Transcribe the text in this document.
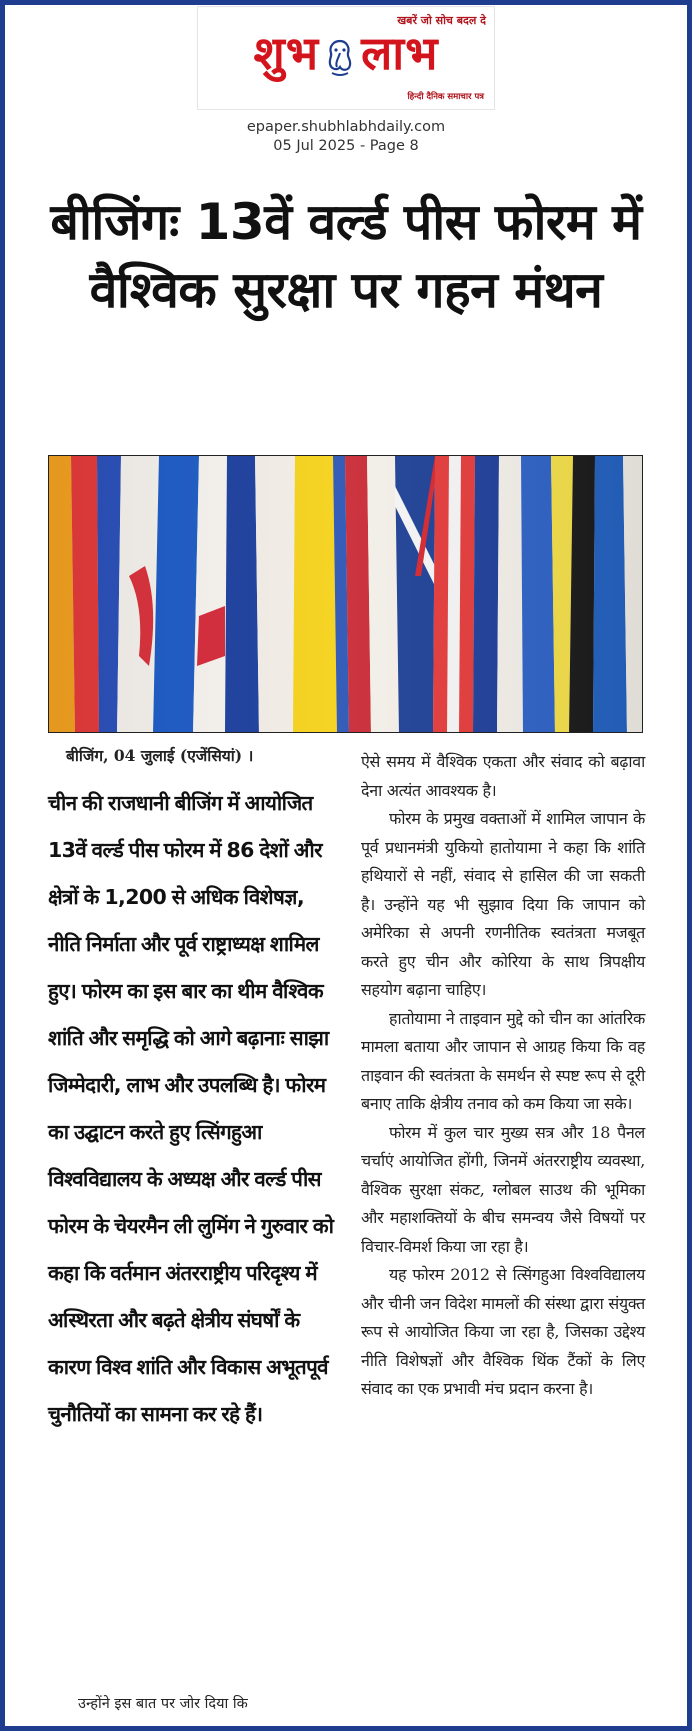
खबरें जो सोच बदल दे
शुभ लाभ
हिन्दी दैनिक समाचार पत्र
epaper.shubhlabhdaily.com
05 Jul 2025 - Page 8
बीजिंगः 13वें वर्ल्ड पीस फोरम में वैश्विक सुरक्षा पर गहन मंथन
बीजिंग, 04 जुलाई (एजेंसियां) ।
चीन की राजधानी बीजिंग में आयोजित 13वें वर्ल्ड पीस फोरम में 86 देशों और क्षेत्रों के 1,200 से अधिक विशेषज्ञ, नीति निर्माता और पूर्व राष्ट्राध्यक्ष शामिल हुए। फोरम का इस बार का थीम वैश्विक शांति और समृद्धि को आगे बढ़ानाः साझा जिम्मेदारी, लाभ और उपलब्धि है। फोरम का उद्घाटन करते हुए त्सिंगहुआ विश्वविद्यालय के अध्यक्ष और वर्ल्ड पीस फोरम के चेयरमैन ली लुमिंग ने गुरुवार को कहा कि वर्तमान अंतरराष्ट्रीय परिदृश्य में अस्थिरता और बढ़ते क्षेत्रीय संघर्षों के कारण विश्व शांति और विकास अभूतपूर्व चुनौतियों का सामना कर रहे हैं।
उन्होंने इस बात पर जोर दिया कि

ऐसे समय में वैश्विक एकता और संवाद को बढ़ावा देना अत्यंत आवश्यक है।

फोरम के प्रमुख वक्ताओं में शामिल जापान के पूर्व प्रधानमंत्री युकियो हातोयामा ने कहा कि शांति हथियारों से नहीं, संवाद से हासिल की जा सकती है। उन्होंने यह भी सुझाव दिया कि जापान को अमेरिका से अपनी रणनीतिक स्वतंत्रता मजबूत करते हुए चीन और कोरिया के साथ त्रिपक्षीय सहयोग बढ़ाना चाहिए।

हातोयामा ने ताइवान मुद्दे को चीन का आंतरिक मामला बताया और जापान से आग्रह किया कि वह ताइवान की स्वतंत्रता के समर्थन से स्पष्ट रूप से दूरी बनाए ताकि क्षेत्रीय तनाव को कम किया जा सके।

फोरम में कुल चार मुख्य सत्र और 18 पैनल चर्चाएं आयोजित होंगी, जिनमें अंतरराष्ट्रीय व्यवस्था, वैश्विक सुरक्षा संकट, ग्लोबल साउथ की भूमिका और महाशक्तियों के बीच समन्वय जैसे विषयों पर विचार-विमर्श किया जा रहा है।

यह फोरम 2012 से त्सिंगहुआ विश्वविद्यालय और चीनी जन विदेश मामलों की संस्था द्वारा संयुक्त रूप से आयोजित किया जा रहा है, जिसका उद्देश्य नीति विशेषज्ञों और वैश्विक थिंक टैंकों के लिए संवाद का एक प्रभावी मंच प्रदान करना है।
